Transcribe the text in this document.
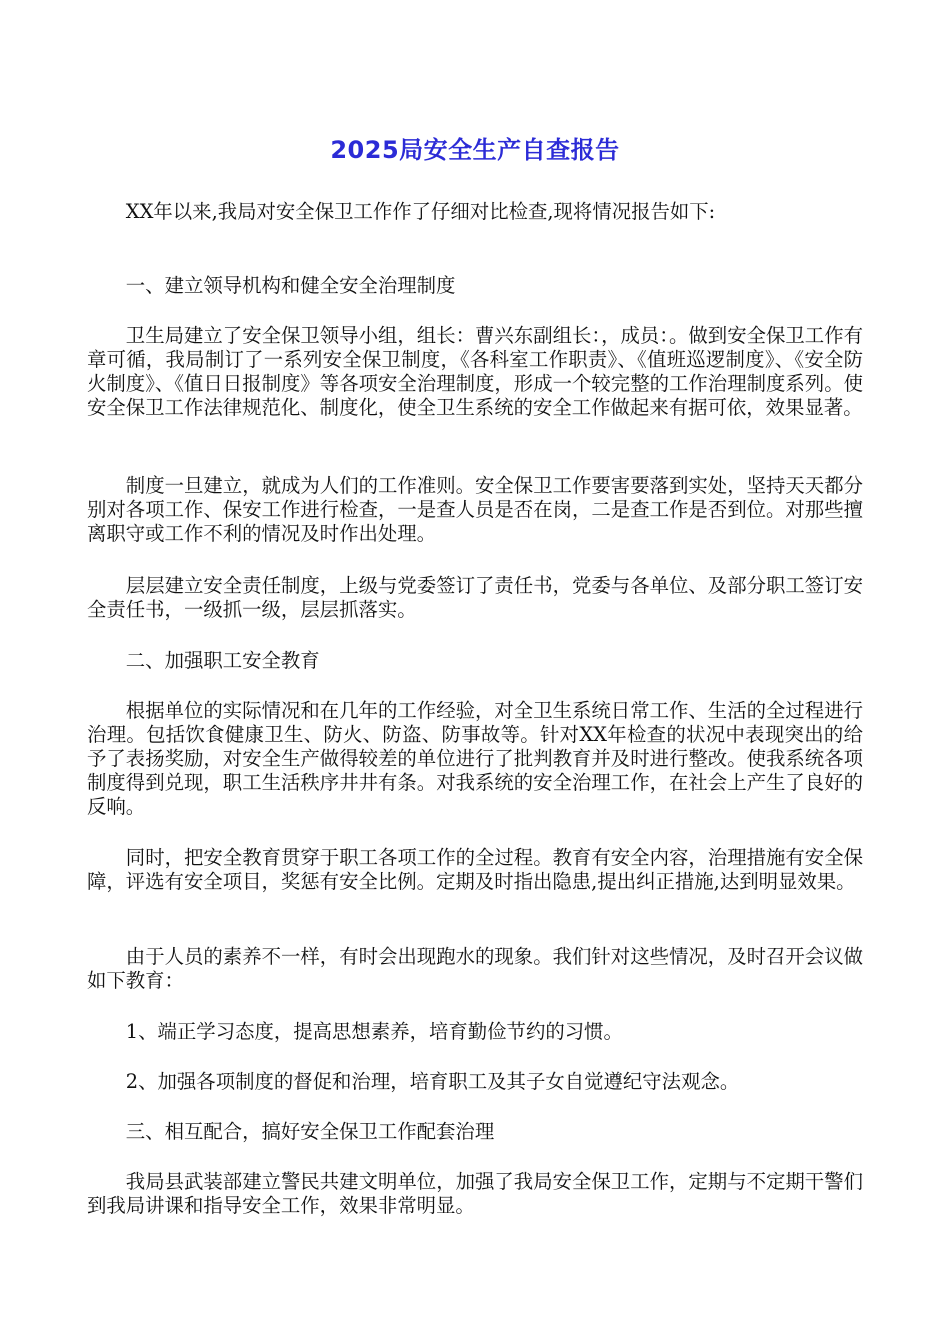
2025局安全生产自查报告

XX年以来,我局对安全保卫工作作了仔细对比检查,现将情况报告如下:

一、建立领导机构和健全安全治理制度

卫生局建立了安全保卫领导小组，组长：曹兴东副组长：，成员：。做到安全保卫工作有章可循，我局制订了一系列安全保卫制度，《各科室工作职责》、《值班巡逻制度》、《安全防火制度》、《值日日报制度》等各项安全治理制度，形成一个较完整的工作治理制度系列。使安全保卫工作法律规范化、制度化，使全卫生系统的安全工作做起来有据可依，效果显著。

制度一旦建立，就成为人们的工作准则。安全保卫工作要害要落到实处，坚持天天都分别对各项工作、保安工作进行检查，一是查人员是否在岗，二是查工作是否到位。对那些擅离职守或工作不利的情况及时作出处理。

层层建立安全责任制度，上级与党委签订了责任书，党委与各单位、及部分职工签订安全责任书，一级抓一级，层层抓落实。

二、加强职工安全教育

根据单位的实际情况和在几年的工作经验，对全卫生系统日常工作、生活的全过程进行治理。包括饮食健康卫生、防火、防盗、防事故等。针对XX年检查的状况中表现突出的给予了表扬奖励，对安全生产做得较差的单位进行了批判教育并及时进行整改。使我系统各项制度得到兑现，职工生活秩序井井有条。对我系统的安全治理工作，在社会上产生了良好的反响。

同时，把安全教育贯穿于职工各项工作的全过程。教育有安全内容，治理措施有安全保障，评选有安全项目，奖惩有安全比例。定期及时指出隐患,提出纠正措施,达到明显效果。

由于人员的素养不一样，有时会出现跑水的现象。我们针对这些情况，及时召开会议做如下教育：

1、端正学习态度，提高思想素养，培育勤俭节约的习惯。

2、加强各项制度的督促和治理，培育职工及其子女自觉遵纪守法观念。

三、相互配合，搞好安全保卫工作配套治理

我局县武装部建立警民共建文明单位，加强了我局安全保卫工作，定期与不定期干警们到我局讲课和指导安全工作，效果非常明显。
